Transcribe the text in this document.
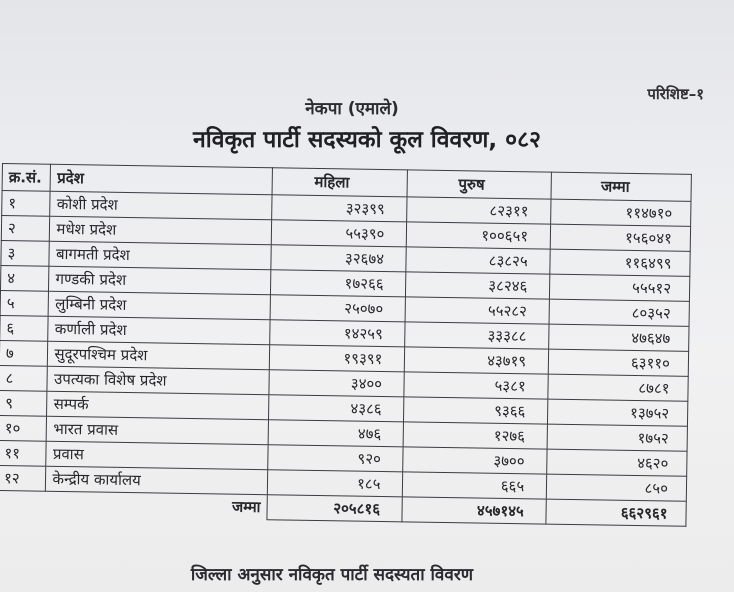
परिशिष्ट–१
नेकपा (एमाले)
नविकृत पार्टी सदस्यको कूल विवरण, ०८२
क्र.सं.	प्रदेश	महिला	पुरुष	जम्मा
१	कोशी प्रदेश	३२३९९	८२३११	११४७१०
२	मधेश प्रदेश	५५३९०	१००६५१	१५६०४१
३	बागमती प्रदेश	३२६७४	८३८२५	११६४९९
४	गण्डकी प्रदेश	१७२६६	३८२४६	५५५१२
५	लुम्बिनी प्रदेश	२५०७०	५५२८२	८०३५२
६	कर्णाली प्रदेश	१४२५९	३३३८८	४७६४७
७	सुदूरपश्चिम प्रदेश	१९३९१	४३७१९	६३११०
८	उपत्यका विशेष प्रदेश	३४००	५३८१	८७८१
९	सम्पर्क	४३८६	९३६६	१३७५२
१०	भारत प्रवास	४७६	१२७६	१७५२
११	प्रवास	९२०	३७००	४६२०
१२	केन्द्रीय कार्यालय	१८५	६६५	८५०
	जम्मा	२०५८१६	४५७१४५	६६२९६१
जिल्ला अनुसार नविकृत पार्टी सदस्यता विवरण
